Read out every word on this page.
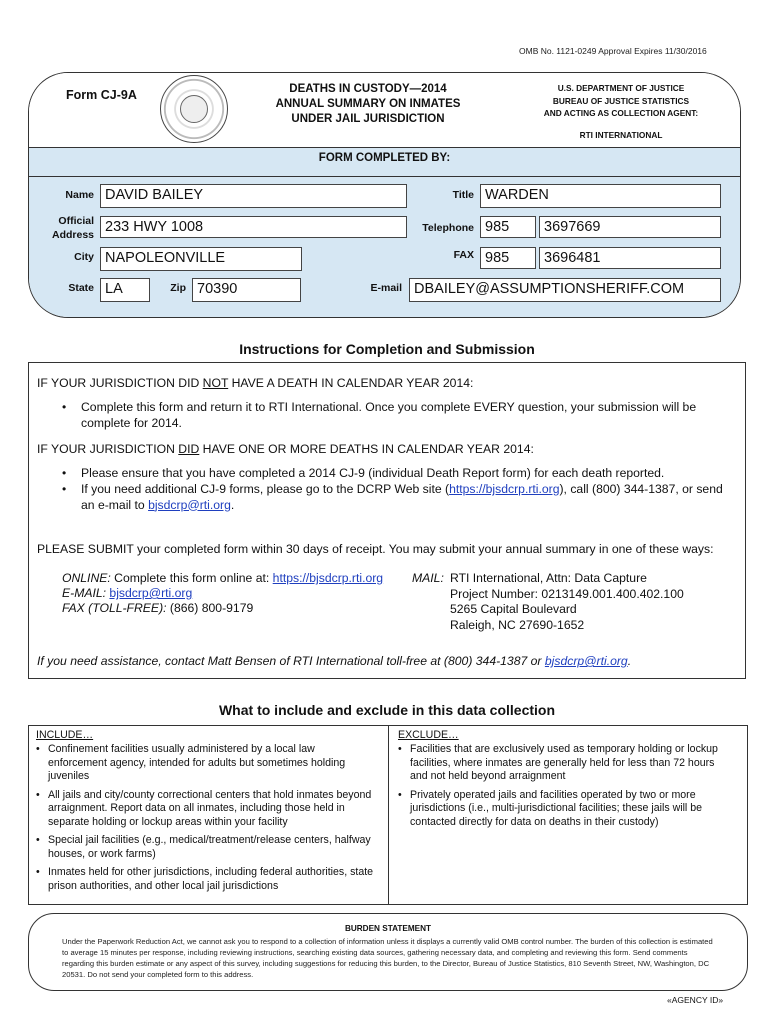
OMB No. 1121-0249 Approval Expires 11/30/2016
Form CJ-9A	DEATHS IN CUSTODY—2014
ANNUAL SUMMARY ON INMATES
UNDER JAIL JURISDICTION
U.S. DEPARTMENT OF JUSTICE
BUREAU OF JUSTICE STATISTICS
AND ACTING AS COLLECTION AGENT:
RTI INTERNATIONAL
FORM COMPLETED BY:
Name DAVID BAILEY
Official
Address 233 HWY 1008
City NAPOLEONVILLE
State LA	Zip 70390
Title WARDEN
Telephone 985	3697669
FAX 985	3696481
E-mail DBAILEY@ASSUMPTIONSHERIFF.COM
Instructions for Completion and Submission
IF YOUR JURISDICTION DID NOT HAVE A DEATH IN CALENDAR YEAR 2014:
• Complete this form and return it to RTI International. Once you complete EVERY question, your submission will be complete for 2014.
IF YOUR JURISDICTION DID HAVE ONE OR MORE DEATHS IN CALENDAR YEAR 2014:
• Please ensure that you have completed a 2014 CJ-9 (individual Death Report form) for each death reported.
• If you need additional CJ-9 forms, please go to the DCRP Web site (https://bjsdcrp.rti.org), call (800) 344-1387, or send an e-mail to bjsdcrp@rti.org.
PLEASE SUBMIT your completed form within 30 days of receipt. You may submit your annual summary in one of these ways:
ONLINE: Complete this form online at: https://bjsdcrp.rti.org
E-MAIL: bjsdcrp@rti.org
FAX (TOLL-FREE): (866) 800-9179
MAIL: RTI International, Attn: Data Capture
Project Number: 0213149.001.400.402.100
5265 Capital Boulevard
Raleigh, NC 27690-1652
If you need assistance, contact Matt Bensen of RTI International toll-free at (800) 344-1387 or bjsdcrp@rti.org.
What to include and exclude in this data collection
INCLUDE…
• Confinement facilities usually administered by a local law enforcement agency, intended for adults but sometimes holding juveniles
• All jails and city/county correctional centers that hold inmates beyond arraignment. Report data on all inmates, including those held in separate holding or lockup areas within your facility
• Special jail facilities (e.g., medical/treatment/release centers, halfway houses, or work farms)
• Inmates held for other jurisdictions, including federal authorities, state prison authorities, and other local jail jurisdictions
EXCLUDE…
• Facilities that are exclusively used as temporary holding or lockup facilities, where inmates are generally held for less than 72 hours and not held beyond arraignment
• Privately operated jails and facilities operated by two or more jurisdictions (i.e., multi-jurisdictional facilities; these jails will be contacted directly for data on deaths in their custody)
BURDEN STATEMENT
Under the Paperwork Reduction Act, we cannot ask you to respond to a collection of information unless it displays a currently valid OMB control number. The burden of this collection is estimated to average 15 minutes per response, including reviewing instructions, searching existing data sources, gathering necessary data, and completing and reviewing this form. Send comments regarding this burden estimate or any aspect of this survey, including suggestions for reducing this burden, to the Director, Bureau of Justice Statistics, 810 Seventh Street, NW, Washington, DC 20531. Do not send your completed form to this address.
«AGENCY ID»
